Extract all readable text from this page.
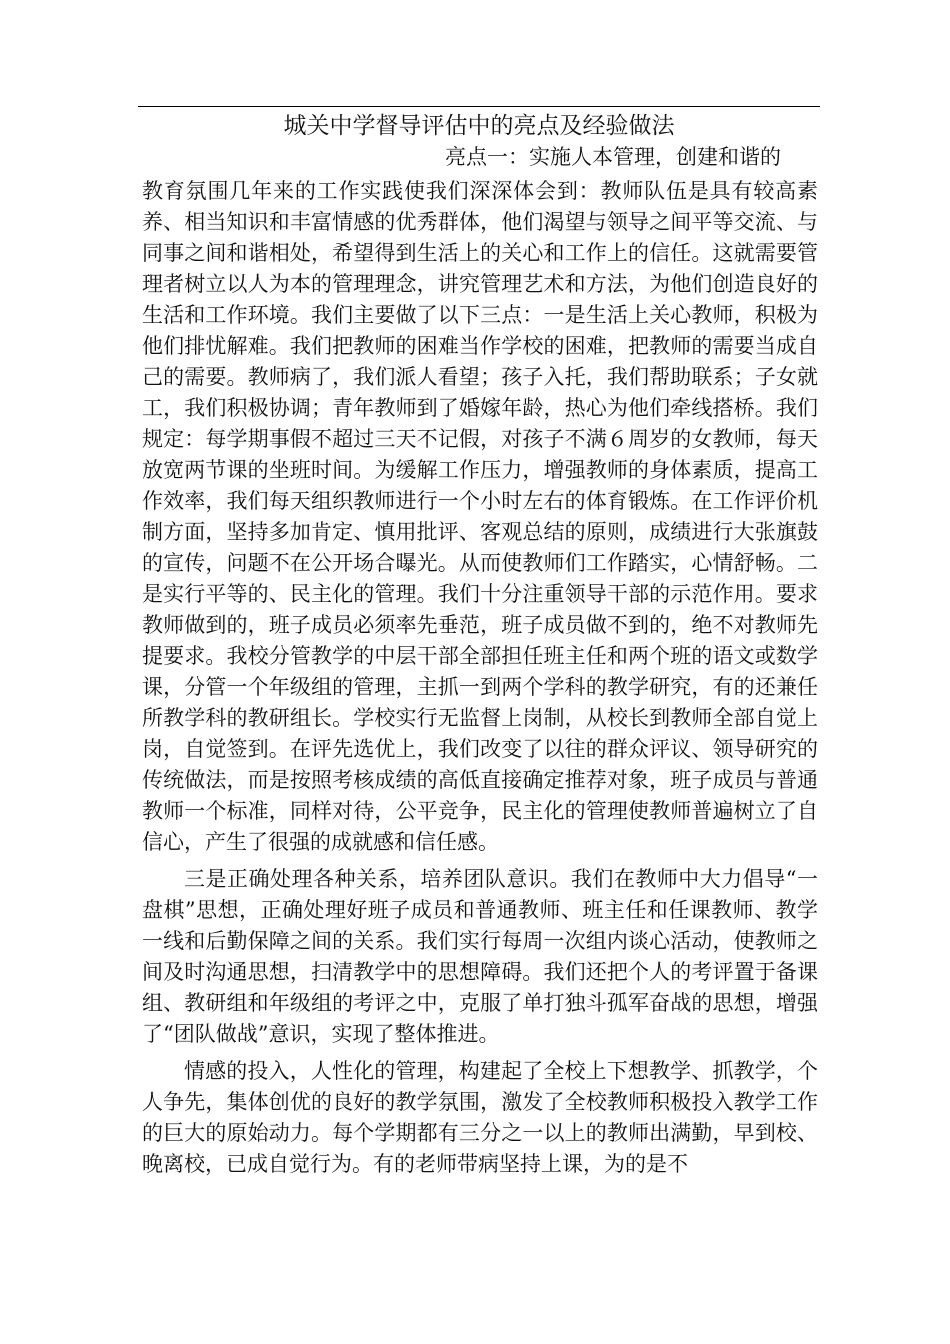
城关中学督导评估中的亮点及经验做法
亮点一：实施人本管理，创建和谐的

教育氛围几年来的工作实践使我们深深体会到：教师队伍是具有较高素养、相当知识和丰富情感的优秀群体，他们渴望与领导之间平等交流、与同事之间和谐相处，希望得到生活上的关心和工作上的信任。这就需要管理者树立以人为本的管理理念，讲究管理艺术和方法，为他们创造良好的生活和工作环境。我们主要做了以下三点：一是生活上关心教师，积极为他们排忧解难。我们把教师的困难当作学校的困难，把教师的需要当成自己的需要。教师病了，我们派人看望；孩子入托，我们帮助联系；子女就工，我们积极协调；青年教师到了婚嫁年龄，热心为他们牵线搭桥。我们规定：每学期事假不超过三天不记假，对孩子不满６周岁的女教师，每天放宽两节课的坐班时间。为缓解工作压力，增强教师的身体素质，提高工作效率，我们每天组织教师进行一个小时左右的体育锻炼。在工作评价机制方面，坚持多加肯定、慎用批评、客观总结的原则，成绩进行大张旗鼓的宣传，问题不在公开场合曝光。从而使教师们工作踏实，心情舒畅。二是实行平等的、民主化的管理。我们十分注重领导干部的示范作用。要求教师做到的，班子成员必须率先垂范，班子成员做不到的，绝不对教师先提要求。我校分管教学的中层干部全部担任班主任和两个班的语文或数学课，分管一个年级组的管理，主抓一到两个学科的教学研究，有的还兼任所教学科的教研组长。学校实行无监督上岗制，从校长到教师全部自觉上岗，自觉签到。在评先选优上，我们改变了以往的群众评议、领导研究的传统做法，而是按照考核成绩的高低直接确定推荐对象，班子成员与普通教师一个标准，同样对待，公平竞争，民主化的管理使教师普遍树立了自信心，产生了很强的成就感和信任感。

三是正确处理各种关系，培养团队意识。我们在教师中大力倡导“一盘棋”思想，正确处理好班子成员和普通教师、班主任和任课教师、教学一线和后勤保障之间的关系。我们实行每周一次组内谈心活动，使教师之间及时沟通思想，扫清教学中的思想障碍。我们还把个人的考评置于备课组、教研组和年级组的考评之中，克服了单打独斗孤军奋战的思想，增强了“团队做战”意识，实现了整体推进。

情感的投入，人性化的管理，构建起了全校上下想教学、抓教学，个人争先，集体创优的良好的教学氛围，激发了全校教师积极投入教学工作的巨大的原始动力。每个学期都有三分之一以上的教师出满勤，早到校、晚离校，已成自觉行为。有的老师带病坚持上课，为的是不
